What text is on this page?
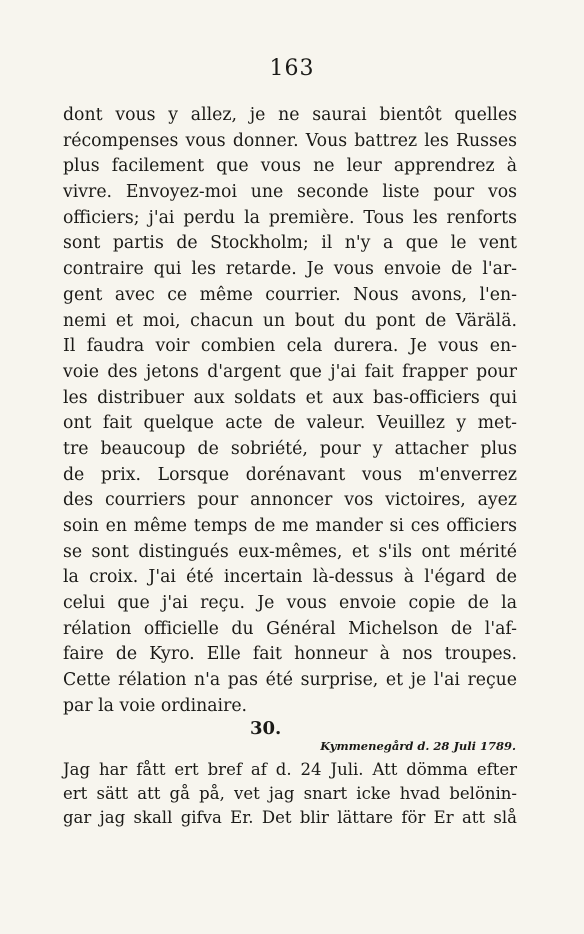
163
dont vous y allez, je ne saurai bientôt quelles
récompenses vous donner. Vous battrez les Russes
plus facilement que vous ne leur apprendrez à
vivre. Envoyez-moi une seconde liste pour vos
officiers; j'ai perdu la première. Tous les renforts
sont partis de Stockholm; il n'y a que le vent
contraire qui les retarde. Je vous envoie de l'ar-
gent avec ce même courrier. Nous avons, l'en-
nemi et moi, chacun un bout du pont de Värälä.
Il faudra voir combien cela durera. Je vous en-
voie des jetons d'argent que j'ai fait frapper pour
les distribuer aux soldats et aux bas-officiers qui
ont fait quelque acte de valeur. Veuillez y met-
tre beaucoup de sobriété, pour y attacher plus
de prix. Lorsque dorénavant vous m'enverrez
des courriers pour annoncer vos victoires, ayez
soin en même temps de me mander si ces officiers
se sont distingués eux-mêmes, et s'ils ont mérité
la croix. J'ai été incertain là-dessus à l'égard de
celui que j'ai reçu. Je vous envoie copie de la
rélation officielle du Général Michelson de l'af-
faire de Kyro. Elle fait honneur à nos troupes.
Cette rélation n'a pas été surprise, et je l'ai reçue
par la voie ordinaire.
30.
Kymmenegård d. 28 Juli 1789.
Jag har fått ert bref af d. 24 Juli. Att dömma efter
ert sätt att gå på, vet jag snart icke hvad belönin-
gar jag skall gifva Er. Det blir lättare för Er att slå
